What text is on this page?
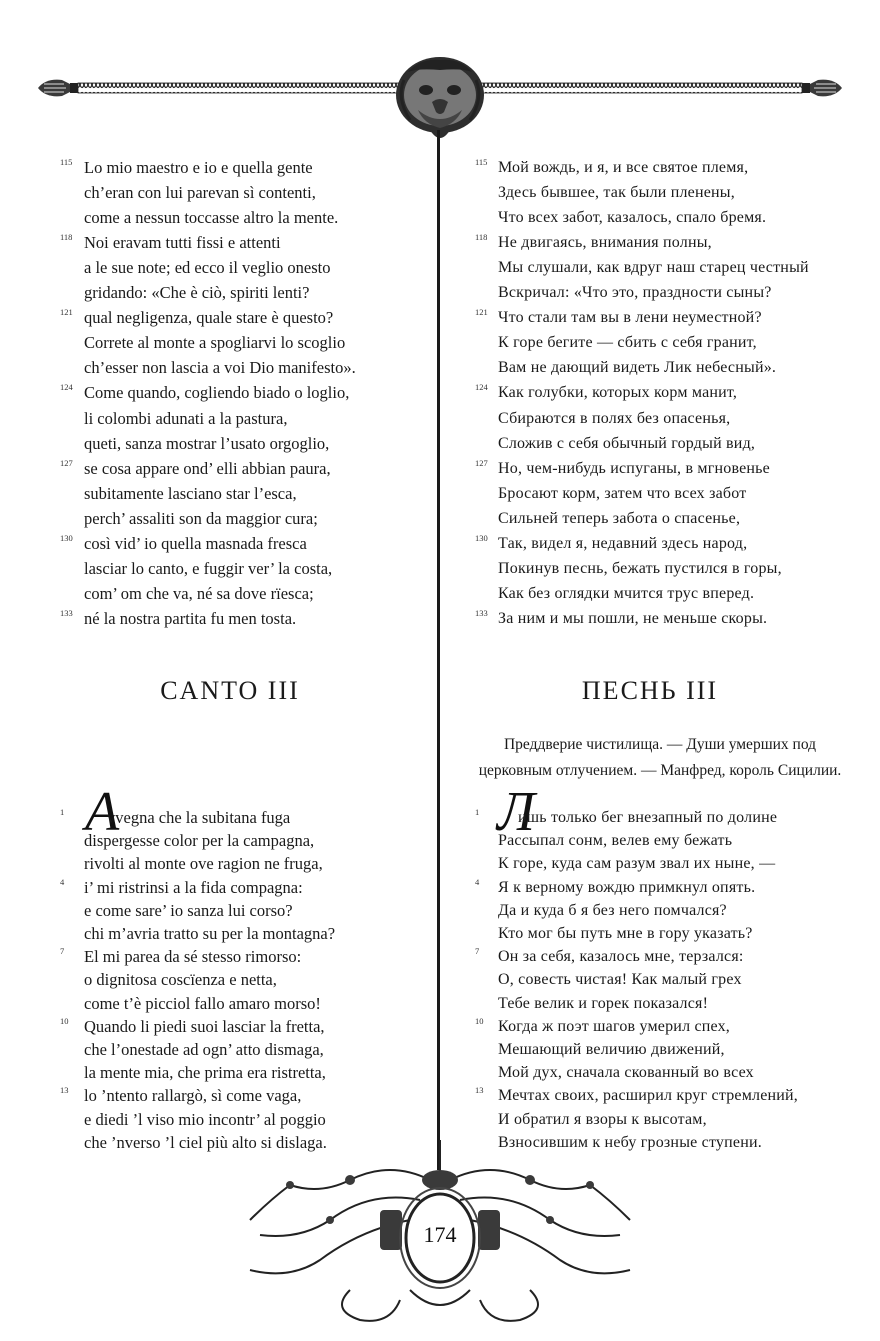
115 Lo mio maestro e io e quella gente
ch’eran con lui parevan sì contenti,
come a nessun toccasse altro la mente.
118 Noi eravam tutti fissi e attenti
a le sue note; ed ecco il veglio onesto
gridando: «Che è ciò, spiriti lenti?
121 qual negligenza, quale stare è questo?
Correte al monte a spogliarvi lo scoglio
ch’esser non lascia a voi Dio manifesto».
124 Come quando, cogliendo biado o loglio,
li colombi adunati a la pastura,
queti, sanza mostrar l’usato orgoglio,
127 se cosa appare ond’ elli abbian paura,
subitamente lasciano star l’esca,
perch’ assaliti son da maggior cura;
130 così vid’ io quella masnada fresca
lasciar lo canto, e fuggir ver’ la costa,
com’ om che va, né sa dove rïesca;
133 né la nostra partita fu men tosta.
115 Мой вождь, и я, и все святое племя,
Здесь бывшее, так были пленены,
Что всех забот, казалось, спало бремя.
118 Не двигаясь, внимания полны,
Мы слушали, как вдруг наш старец честный
Вскричал: «Что это, праздности сыны?
121 Что стали там вы в лени неуместной?
К горе бегите — сбить с себя гранит,
Вам не дающий видеть Лик небесный».
124 Как голубки, которых корм манит,
Сбираются в полях без опасенья,
Сложив с себя обычный гордый вид,
127 Но, чем-нибудь испуганы, в мгновенье
Бросают корм, затем что всех забот
Сильней теперь забота о спасенье,
130 Так, видел я, недавний здесь народ,
Покинув песнь, бежать пустился в горы,
Как без оглядки мчится трус вперед.
133 За ним и мы пошли, не меньше скоры.
CANTO III	ПЕСНЬ III
Преддверие чистилища. — Души умерших под
церковным отлучением. — Манфред, король Сицилии.
A	Л
1	vvegna che la subitana fuga
dispergesse color per la campagna,
rivolti al monte ove ragion ne fruga,
4 i’ mi ristrinsi a la fida compagna:
e come sare’ io sanza lui corso?
chi m’avria tratto su per la montagna?
7 El mi parea da sé stesso rimorso:
o dignitosa coscïenza e netta,
come t’è picciol fallo amaro morso!
10 Quando li piedi suoi lasciar la fretta,
che l’onestade ad ogn’ atto dismaga,
la mente mia, che prima era ristretta,
13 lo ’ntento rallargò, sì come vaga,
e diedi ’l viso mio incontr’ al poggio
che ’nverso ’l ciel più alto si dislaga.
1 ишь только бег внезапный по долине
Рассыпал сонм, велев ему бежать
К горе, куда сам разум звал их ныне, —
4 Я к верному вождю примкнул опять.
Да и куда б я без него помчался?
Кто мог бы путь мне в гору указать?
7 Он за себя, казалось мне, терзался:
О, совесть чистая! Как малый грех
Тебе велик и горек показался!
10 Когда ж поэт шагов умерил спех,
Мешающий величию движений,
Мой дух, сначала скованный во всех
13 Мечтах своих, расширил круг стремлений,
И обратил я взоры к высотам,
Взносившим к небу грозные ступени.
174
